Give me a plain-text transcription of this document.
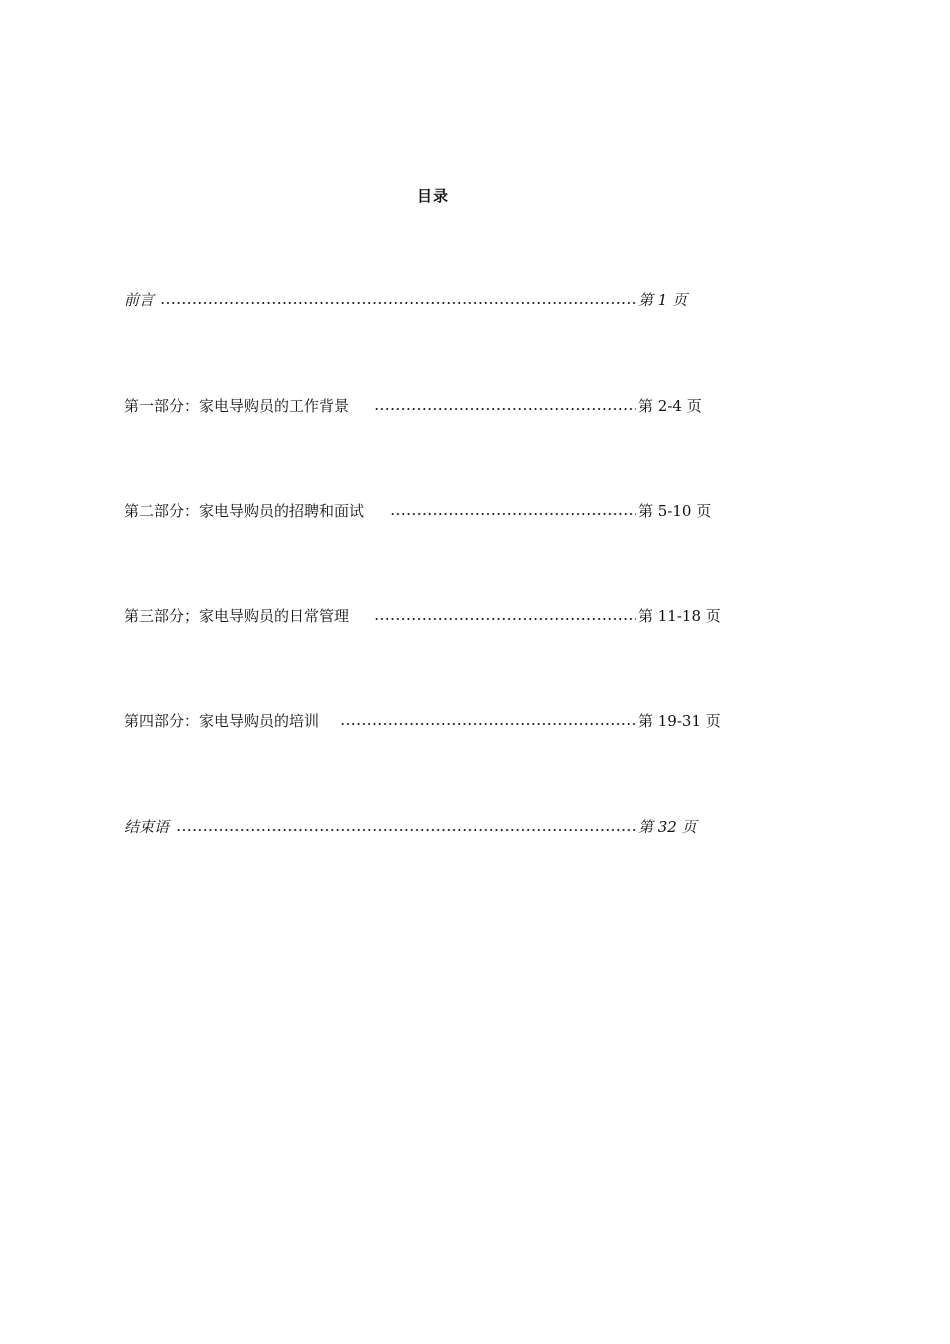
目录
前言	第 1 页
第一部分：家电导购员的工作背景	第 2-4 页
第二部分：家电导购员的招聘和面试	第 5-10 页
第三部分；家电导购员的日常管理	第 11-18 页
第四部分：家电导购员的培训	第 19-31 页
结束语	第 32 页
